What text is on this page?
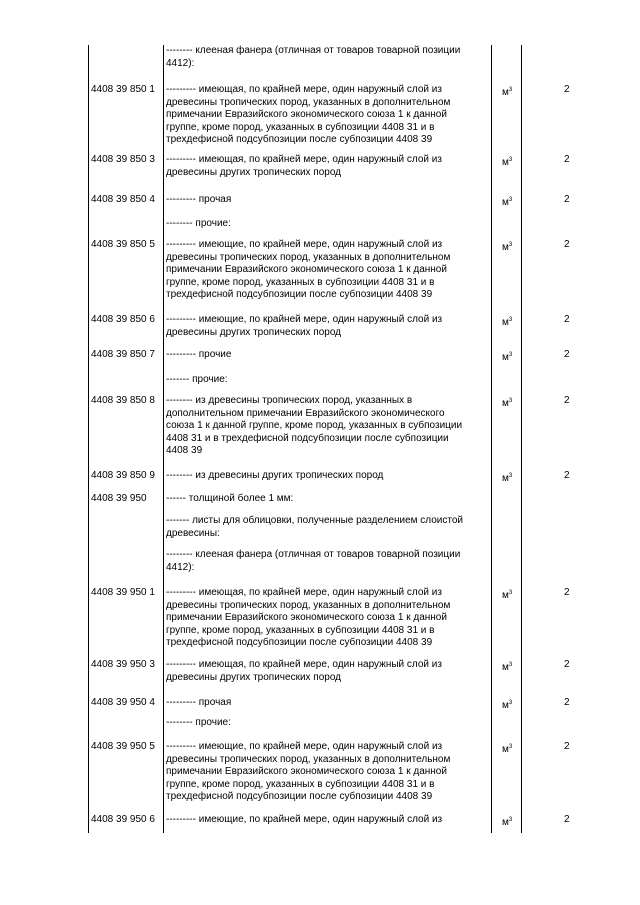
-------- клееная фанера (отличная от товаров товарной позиции
4412):
4408 39 850 1 --------- имеющая, по крайней мере, один наружный слой из
древесины тропических пород, указанных в дополнительном
примечании Евразийского экономического союза 1 к данной
группе, кроме пород, указанных в субпозиции 4408 31 и в
трехдефисной подсубпозиции после субпозиции 4408 39
$м^3$	2
4408 39 850 3 --------- имеющая, по крайней мере, один наружный слой из
древесины других тропических пород
$м^3$	2
4408 39 850 4 --------- прочая	$м^3$	2
-------- прочие:
4408 39 850 5 --------- имеющие, по крайней мере, один наружный слой из
древесины тропических пород, указанных в дополнительном
примечании Евразийского экономического союза 1 к данной
группе, кроме пород, указанных в субпозиции 4408 31 и в
трехдефисной подсубпозиции после субпозиции 4408 39
$м^3$	2
4408 39 850 6 --------- имеющие, по крайней мере, один наружный слой из
древесины других тропических пород
$м^3$	2
4408 39 850 7 --------- прочие	$м^3$	2
------- прочие:
4408 39 850 8 -------- из древесины тропических пород, указанных в
дополнительном примечании Евразийского экономического
союза 1 к данной группе, кроме пород, указанных в субпозиции
4408 31 и в трехдефисной подсубпозиции после субпозиции
4408 39
$м^3$	2
4408 39 850 9 -------- из древесины других тропических пород	$м^3$	2
4408 39 950 ------ толщиной более 1 мм:
------- листы для облицовки, полученные разделением слоистой
древесины:
-------- клееная фанера (отличная от товаров товарной позиции
4412):
4408 39 950 1 --------- имеющая, по крайней мере, один наружный слой из
древесины тропических пород, указанных в дополнительном
примечании Евразийского экономического союза 1 к данной
группе, кроме пород, указанных в субпозиции 4408 31 и в
трехдефисной подсубпозиции после субпозиции 4408 39
$м^3$	2
4408 39 950 3 --------- имеющая, по крайней мере, один наружный слой из
древесины других тропических пород
$м^3$	2
4408 39 950 4 --------- прочая	$м^3$	2
-------- прочие:
4408 39 950 5 --------- имеющие, по крайней мере, один наружный слой из
древесины тропических пород, указанных в дополнительном
примечании Евразийского экономического союза 1 к данной
группе, кроме пород, указанных в субпозиции 4408 31 и в
трехдефисной подсубпозиции после субпозиции 4408 39
$м^3$	2
4408 39 950 6 --------- имеющие, по крайней мере, один наружный слой из	$м^3$	2
